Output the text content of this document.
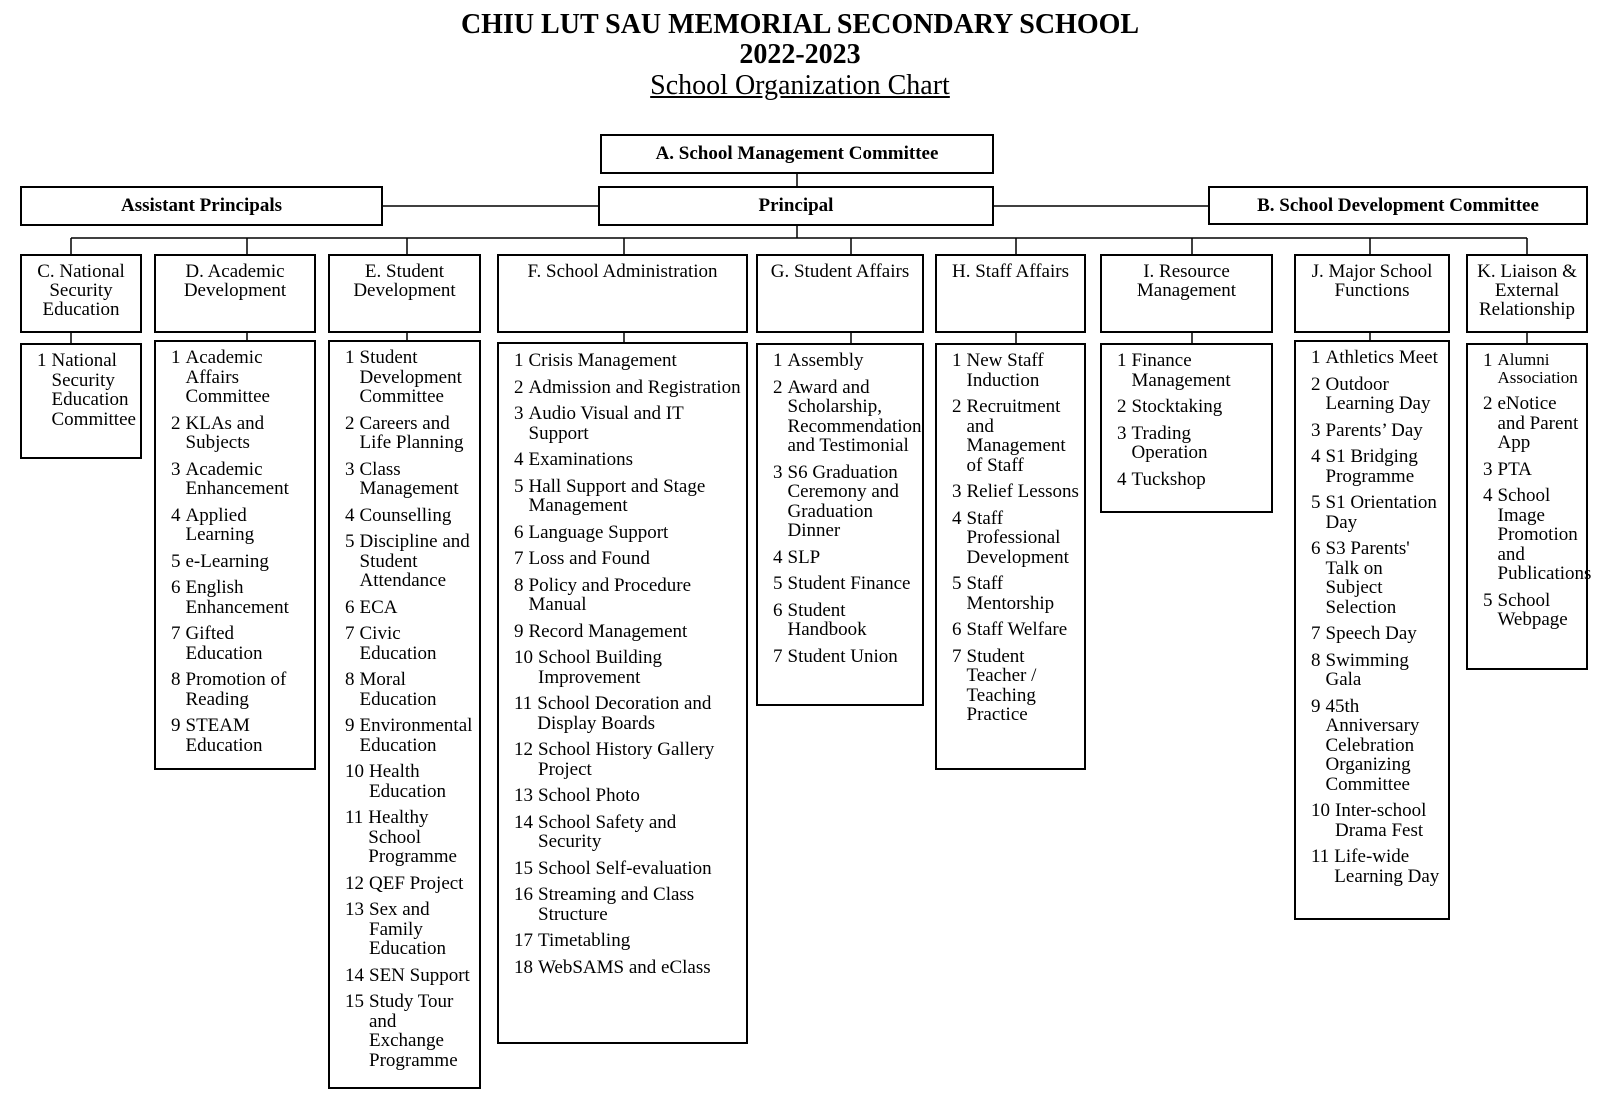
CHIU LUT SAU MEMORIAL SECONDARY SCHOOL
2022-2023
School Organization Chart
A. School Management Committee
Principal
Assistant Principals	B. School Development Committee
C. National Security Education
1 National Security Education Committee
D. Academic Development
1 Academic Affairs Committee
2 KLAs and Subjects
3 Academic Enhancement
4 Applied Learning
5 e-Learning
6 English Enhancement
7 Gifted Education
8 Promotion of Reading
9 STEAM Education
E. Student Development
1 Student Development Committee
2 Careers and Life Planning
3 Class Management
4 Counselling
5 Discipline and Student Attendance
6 ECA
7 Civic Education
8 Moral Education
9 Environmental Education
10 Health Education
11 Healthy School Programme
12 QEF Project
13 Sex and Family Education
14 SEN Support
15 Study Tour and Exchange Programme
F. School Administration
1 Crisis Management
2 Admission and Registration
3 Audio Visual and IT Support
4 Examinations
5 Hall Support and Stage Management
6 Language Support
7 Loss and Found
8 Policy and Procedure Manual
9 Record Management
10 School Building Improvement
11 School Decoration and Display Boards
12 School History Gallery Project
13 School Photo
14 School Safety and Security
15 School Self-evaluation
16 Streaming and Class Structure
17 Timetabling
18 WebSAMS and eClass
G. Student Affairs
1 Assembly
2 Award and Scholarship, Recommendation and Testimonial
3 S6 Graduation Ceremony and Graduation Dinner
4 SLP
5 Student Finance
6 Student Handbook
7 Student Union
H. Staff Affairs
1 New Staff Induction
2 Recruitment and Management of Staff
3 Relief Lessons
4 Staff Professional Development
5 Staff Mentorship
6 Staff Welfare
7 Student Teacher / Teaching Practice
I. Resource Management
1 Finance Management
2 Stocktaking
3 Trading Operation
4 Tuckshop
J. Major School Functions
1 Athletics Meet
2 Outdoor Learning Day
3 Parents’ Day
4 S1 Bridging Programme
5 S1 Orientation Day
6 S3 Parents' Talk on Subject Selection
7 Speech Day
8 Swimming Gala
9 45th Anniversary Celebration Organizing Committee
10 Inter-school Drama Fest
11 Life-wide Learning Day
K. Liaison & External Relationship
1 Alumni Association
2 eNotice and Parent App
3 PTA
4 School Image Promotion and Publications
5 School Webpage
